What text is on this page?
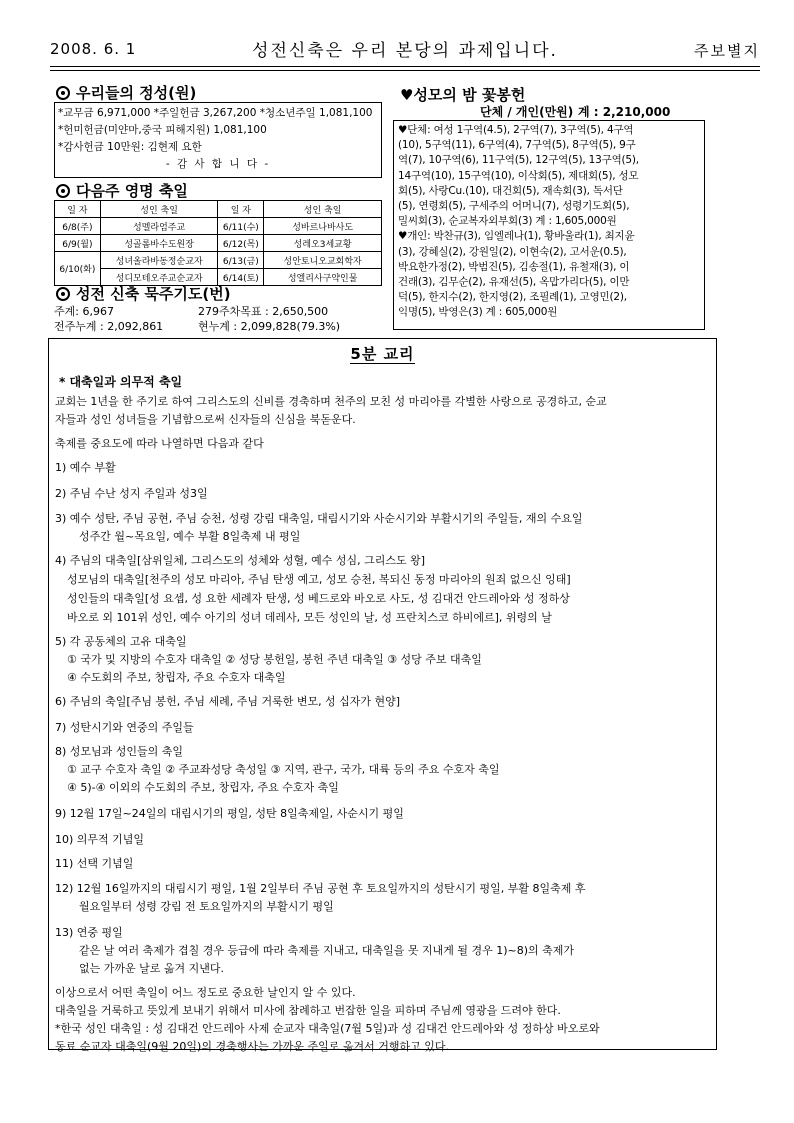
2008. 6. 1	성전신축은 우리 본당의 과제입니다.	주보별지
우리들의 정성(원)
*교무금 6,971,000 *주일헌금 3,267,200 *청소년주일 1,081,100
*헌미헌금(미얀마,중국 피해지원) 1,081,100
*감사헌금 10만원: 김현제 요한
- 감 사 합 니 다 -
다음주 영명 축일
일 자	성인 축일	일 자	성인 축일
6/8(주)	성멜라엄주교	6/11(수)	성바르나바사도
6/9(월)	성골롬바수도원장	6/12(목)	성레오3세교황
6/10(화)	성녀올라바동정순교자	6/13(금)	성안토니오교회학자
	성디모테오주교순교자	6/14(토)	성엘리사구약인물
성전 신축 묵주기도(번)
주계: 6,967	279주차목표 : 2,650,500
전주누계 : 2,092,861	현누계 : 2,099,828(79.3%)
♥성모의 밤 꽃봉헌
단체 / 개인(만원) 계 : 2,210,000
♥단체: 여성 1구역(4.5), 2구역(7), 3구역(5), 4구역
(10), 5구역(11), 6구역(4), 7구역(5), 8구역(5), 9구
역(7), 10구역(6), 11구역(5), 12구역(5), 13구역(5),
14구역(10), 15구역(10), 이삭회(5), 제대회(5), 성모
회(5), 사랑Cu.(10), 대건회(5), 재속회(3), 독서단
(5), 연령회(5), 구세주의 어머니(7), 성령기도회(5),
밀씨회(3), 순교복자외부회(3) 계 : 1,605,000원
♥개인: 박찬규(3), 임엘레나(1), 황바울라(1), 최지윤
(3), 강혜실(2), 강원일(2), 이현숙(2), 고서운(0.5),
박요한가정(2), 박범진(5), 김송절(1), 유철재(3), 이
건래(3), 김무순(2), 유재선(5), 옥맙가리다(5), 이만
덕(5), 한지수(2), 한지영(2), 조필례(1), 고영민(2),
익명(5), 박영은(3) 계 : 605,000원
5분 교리
* 대축일과 의무적 축일
교회는 1년을 한 주기로 하여 그리스도의 신비를 경축하며 천주의 모친 성 마리아를 각별한 사랑으로 공경하고, 순교
자들과 성인 성녀들을 기념함으로써 신자들의 신심을 북돋운다.
축제를 중요도에 따라 나열하면 다음과 같다
1) 예수 부활
2) 주님 수난 성지 주일과 성3일
3) 예수 성탄, 주님 공현, 주님 승천, 성령 강림 대축일, 대림시기와 사순시기와 부활시기의 주일들, 재의 수요일
성주간 월~목요일, 예수 부활 8일축제 내 평일
4) 주님의 대축일[삼위일체, 그리스도의 성체와 성혈, 예수 성심, 그리스도 왕]
성모님의 대축일[천주의 성모 마리아, 주님 탄생 예고, 성모 승천, 복되신 동정 마리아의 원죄 없으신 잉태]
성인들의 대축일[성 요셉, 성 요한 세례자 탄생, 성 베드로와 바오로 사도, 성 김대건 안드레아와 성 정하상
바오로 외 101위 성인, 예수 아기의 성녀 데레사, 모든 성인의 날, 성 프란치스코 하비에르], 위령의 날
5) 각 공동체의 고유 대축일
① 국가 및 지방의 수호자 대축일 ② 성당 봉헌일, 봉헌 주년 대축일 ③ 성당 주보 대축일
④ 수도회의 주보, 창립자, 주요 수호자 대축일
6) 주님의 축일[주님 봉헌, 주님 세례, 주님 거룩한 변모, 성 십자가 현양]
7) 성탄시기와 연중의 주일들
8) 성모님과 성인들의 축일
① 교구 수호자 축일 ② 주교좌성당 축성일 ③ 지역, 관구, 국가, 대륙 등의 주요 수호자 축일
④ 5)-④ 이외의 수도회의 주보, 창립자, 주요 수호자 축일
9) 12월 17일~24일의 대림시기의 평일, 성탄 8일축제일, 사순시기 평일
10) 의무적 기념일
11) 선택 기념일
12) 12월 16일까지의 대림시기 평일, 1월 2일부터 주님 공현 후 토요일까지의 성탄시기 평일, 부활 8일축제 후
월요일부터 성령 강림 전 토요일까지의 부활시기 평일
13) 연중 평일
같은 날 여러 축제가 겹칠 경우 등급에 따라 축제를 지내고, 대축일을 못 지내게 될 경우 1)~8)의 축제가
없는 가까운 날로 옮겨 지낸다.
이상으로서 어떤 축일이 어느 정도로 중요한 날인지 알 수 있다.
대축일을 거룩하고 뜻있게 보내기 위해서 미사에 참례하고 번잡한 일을 피하며 주님께 영광을 드려야 한다.
*한국 성인 대축일 : 성 김대건 안드레아 사제 순교자 대축일(7월 5일)과 성 김대건 안드레아와 성 정하상 바오로와
동료 순교자 대축일(9월 20일)의 경축행사는 가까운 주일로 옮겨서 거행하고 있다.
